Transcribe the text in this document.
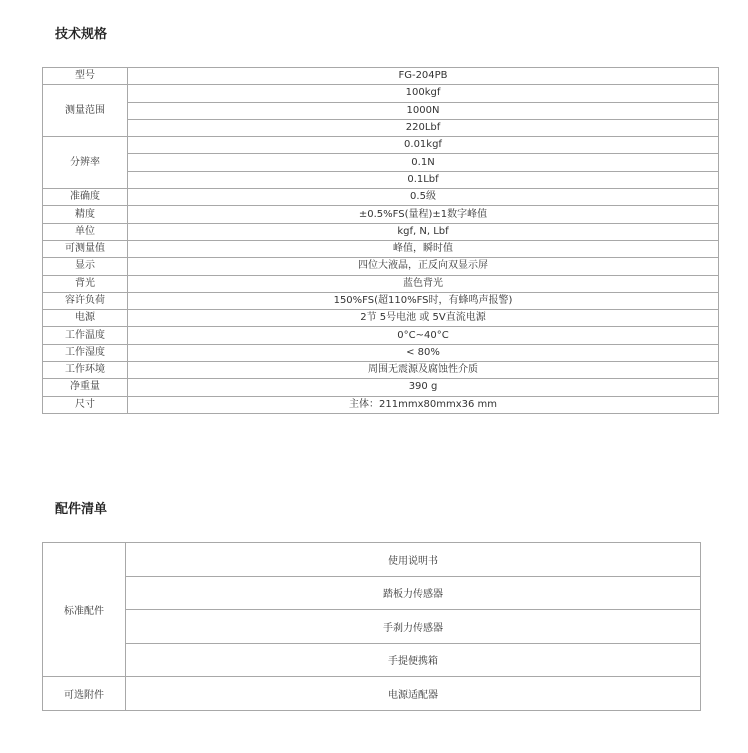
技术规格
型号	FG-204PB
测量范围	100kgf
	1000N
	220Lbf
分辨率	0.01kgf
	0.1N
	0.1Lbf
准确度	0.5级
精度	±0.5%FS(量程)±1数字峰值
单位	kgf, N, Lbf
可测量值	峰值，瞬时值
显示	四位大液晶，正反向双显示屏
背光	蓝色背光
容许负荷	150%FS(超110%FS时，有蜂鸣声报警)
电源	2节 5号电池 或 5V直流电源
工作温度	0°C~40°C
工作湿度	< 80%
工作环境	周围无震源及腐蚀性介质
净重量	390 g
尺寸	主体：211mmx80mmx36 mm
配件清单
标准配件	使用说明书
	踏板力传感器
	手刹力传感器
	手提便携箱
可选附件	电源适配器
